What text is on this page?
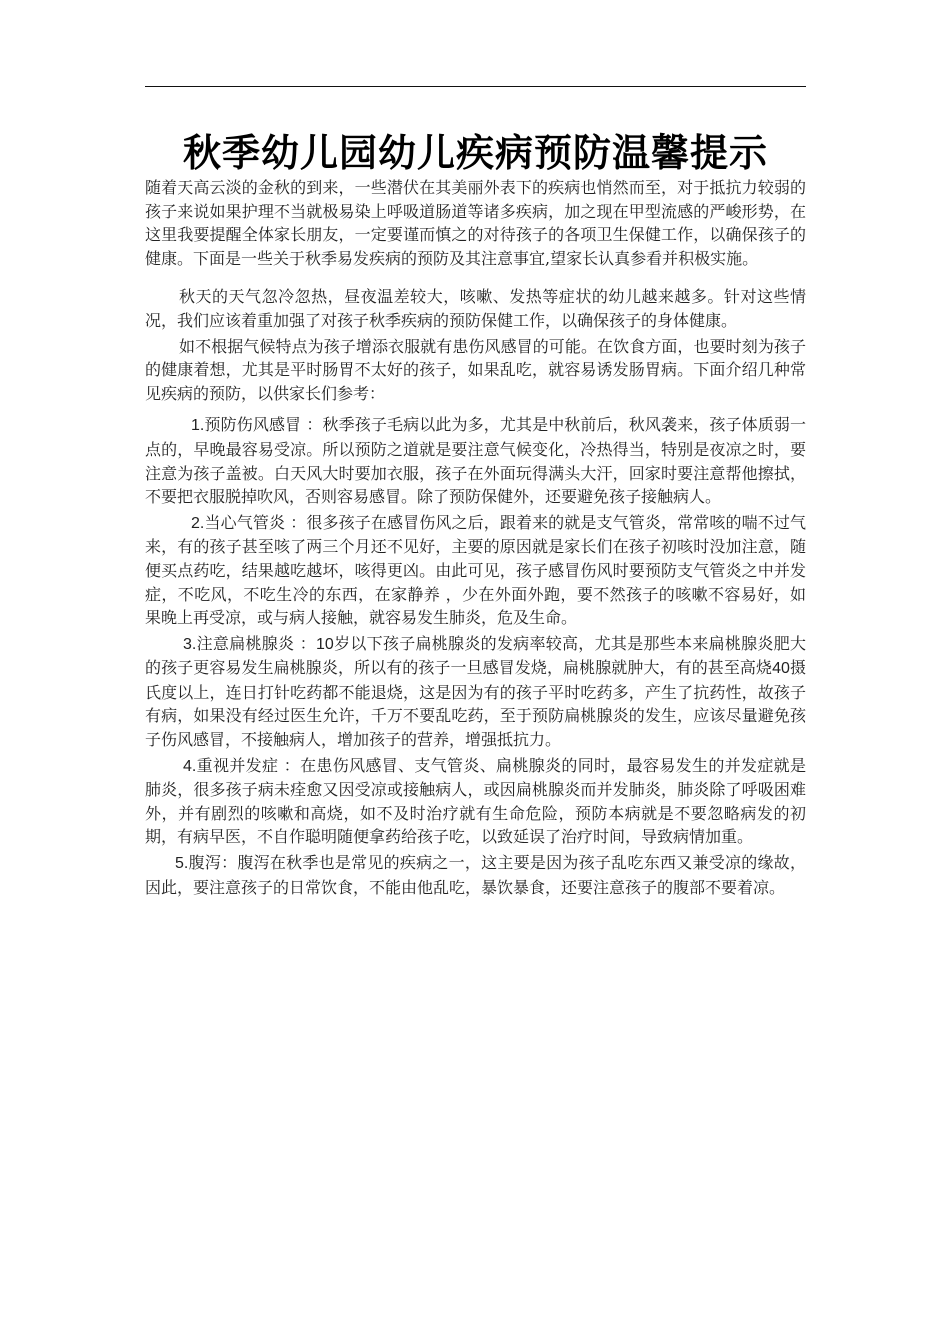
秋季幼儿园幼儿疾病预防温馨提示

随着天高云淡的金秋的到来，一些潜伏在其美丽外表下的疾病也悄然而至，对于抵抗力较弱的孩子来说如果护理不当就极易染上呼吸道肠道等诸多疾病，加之现在甲型流感的严峻形势，在这里我要提醒全体家长朋友，一定要谨而慎之的对待孩子的各项卫生保健工作，以确保孩子的健康。下面是一些关于秋季易发疾病的预防及其注意事宜,望家长认真参看并积极实施。

秋天的天气忽冷忽热，昼夜温差较大，咳嗽、发热等症状的幼儿越来越多。针对这些情况，我们应该着重加强了对孩子秋季疾病的预防保健工作，以确保孩子的身体健康。

如不根据气候特点为孩子增添衣服就有患伤风感冒的可能。在饮食方面，也要时刻为孩子的健康着想，尤其是平时肠胃不太好的孩子，如果乱吃，就容易诱发肠胃病。下面介绍几种常见疾病的预防，以供家长们参考：

1.预防伤风感冒 ：秋季孩子毛病以此为多，尤其是中秋前后，秋风袭来，孩子体质弱一点的，早晚最容易受凉。所以预防之道就是要注意气候变化，冷热得当，特别是夜凉之时，要注意为孩子盖被。白天风大时要加衣服，孩子在外面玩得满头大汗，回家时要注意帮他擦拭，不要把衣服脱掉吹风，否则容易感冒。除了预防保健外，还要避免孩子接触病人。

2.当心气管炎 ：很多孩子在感冒伤风之后，跟着来的就是支气管炎，常常咳的喘不过气来，有的孩子甚至咳了两三个月还不见好，主要的原因就是家长们在孩子初咳时没加注意，随便买点药吃，结果越吃越坏，咳得更凶。由此可见，孩子感冒伤风时要预防支气管炎之中并发症，不吃风，不吃生冷的东西，在家静养 ，少在外面外跑，要不然孩子的咳嗽不容易好，如果晚上再受凉，或与病人接触，就容易发生肺炎，危及生命。

3.注意扁桃腺炎 ：10岁以下孩子扁桃腺炎的发病率较高，尤其是那些本来扁桃腺炎肥大的孩子更容易发生扁桃腺炎，所以有的孩子一旦感冒发烧，扁桃腺就肿大，有的甚至高烧40摄氏度以上，连日打针吃药都不能退烧，这是因为有的孩子平时吃药多，产生了抗药性，故孩子有病，如果没有经过医生允许，千万不要乱吃药，至于预防扁桃腺炎的发生，应该尽量避免孩子伤风感冒，不接触病人，增加孩子的营养，增强抵抗力。

4.重视并发症 ：在患伤风感冒、支气管炎、扁桃腺炎的同时，最容易发生的并发症就是肺炎，很多孩子病未痊愈又因受凉或接触病人，或因扁桃腺炎而并发肺炎，肺炎除了呼吸困难外，并有剧烈的咳嗽和高烧，如不及时治疗就有生命危险，预防本病就是不要忽略病发的初期，有病早医，不自作聪明随便拿药给孩子吃，以致延误了治疗时间，导致病情加重。

5.腹泻：腹泻在秋季也是常见的疾病之一，这主要是因为孩子乱吃东西又兼受凉的缘故，因此，要注意孩子的日常饮食，不能由他乱吃，暴饮暴食，还要注意孩子的腹部不要着凉。
